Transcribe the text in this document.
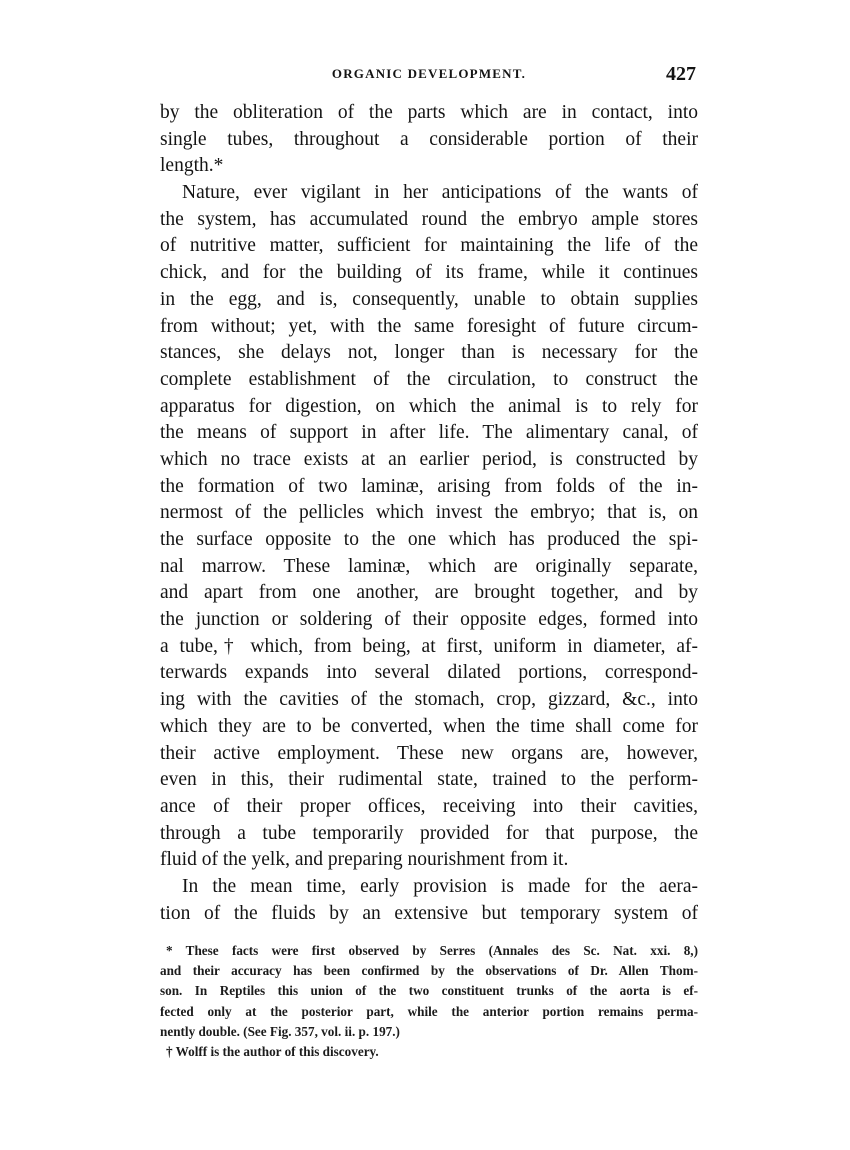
ORGANIC DEVELOPMENT.	427
by the obliteration of the parts which are in contact, into
single tubes, throughout a considerable portion of their
length.*
Nature, ever vigilant in her anticipations of the wants of
the system, has accumulated round the embryo ample stores
of nutritive matter, sufficient for maintaining the life of the
chick, and for the building of its frame, while it continues
in the egg, and is, consequently, unable to obtain supplies
from without; yet, with the same foresight of future circum-
stances, she delays not, longer than is necessary for the
complete establishment of the circulation, to construct the
apparatus for digestion, on which the animal is to rely for
the means of support in after life. The alimentary canal, of
which no trace exists at an earlier period, is constructed by
the formation of two laminæ, arising from folds of the in-
nermost of the pellicles which invest the embryo; that is, on
the surface opposite to the one which has produced the spi-
nal marrow. These laminæ, which are originally separate,
and apart from one another, are brought together, and by
the junction or soldering of their opposite edges, formed into
a tube,† which, from being, at first, uniform in diameter, af-
terwards expands into several dilated portions, correspond-
ing with the cavities of the stomach, crop, gizzard, &c., into
which they are to be converted, when the time shall come for
their active employment. These new organs are, however,
even in this, their rudimental state, trained to the perform-
ance of their proper offices, receiving into their cavities,
through a tube temporarily provided for that purpose, the
fluid of the yelk, and preparing nourishment from it.
In the mean time, early provision is made for the aera-
tion of the fluids by an extensive but temporary system of
* These facts were first observed by Serres (Annales des Sc. Nat. xxi. 8,)
and their accuracy has been confirmed by the observations of Dr. Allen Thom-
son. In Reptiles this union of the two constituent trunks of the aorta is ef-
fected only at the posterior part, while the anterior portion remains perma-
nently double. (See Fig. 357, vol. ii. p. 197.)
† Wolff is the author of this discovery.
